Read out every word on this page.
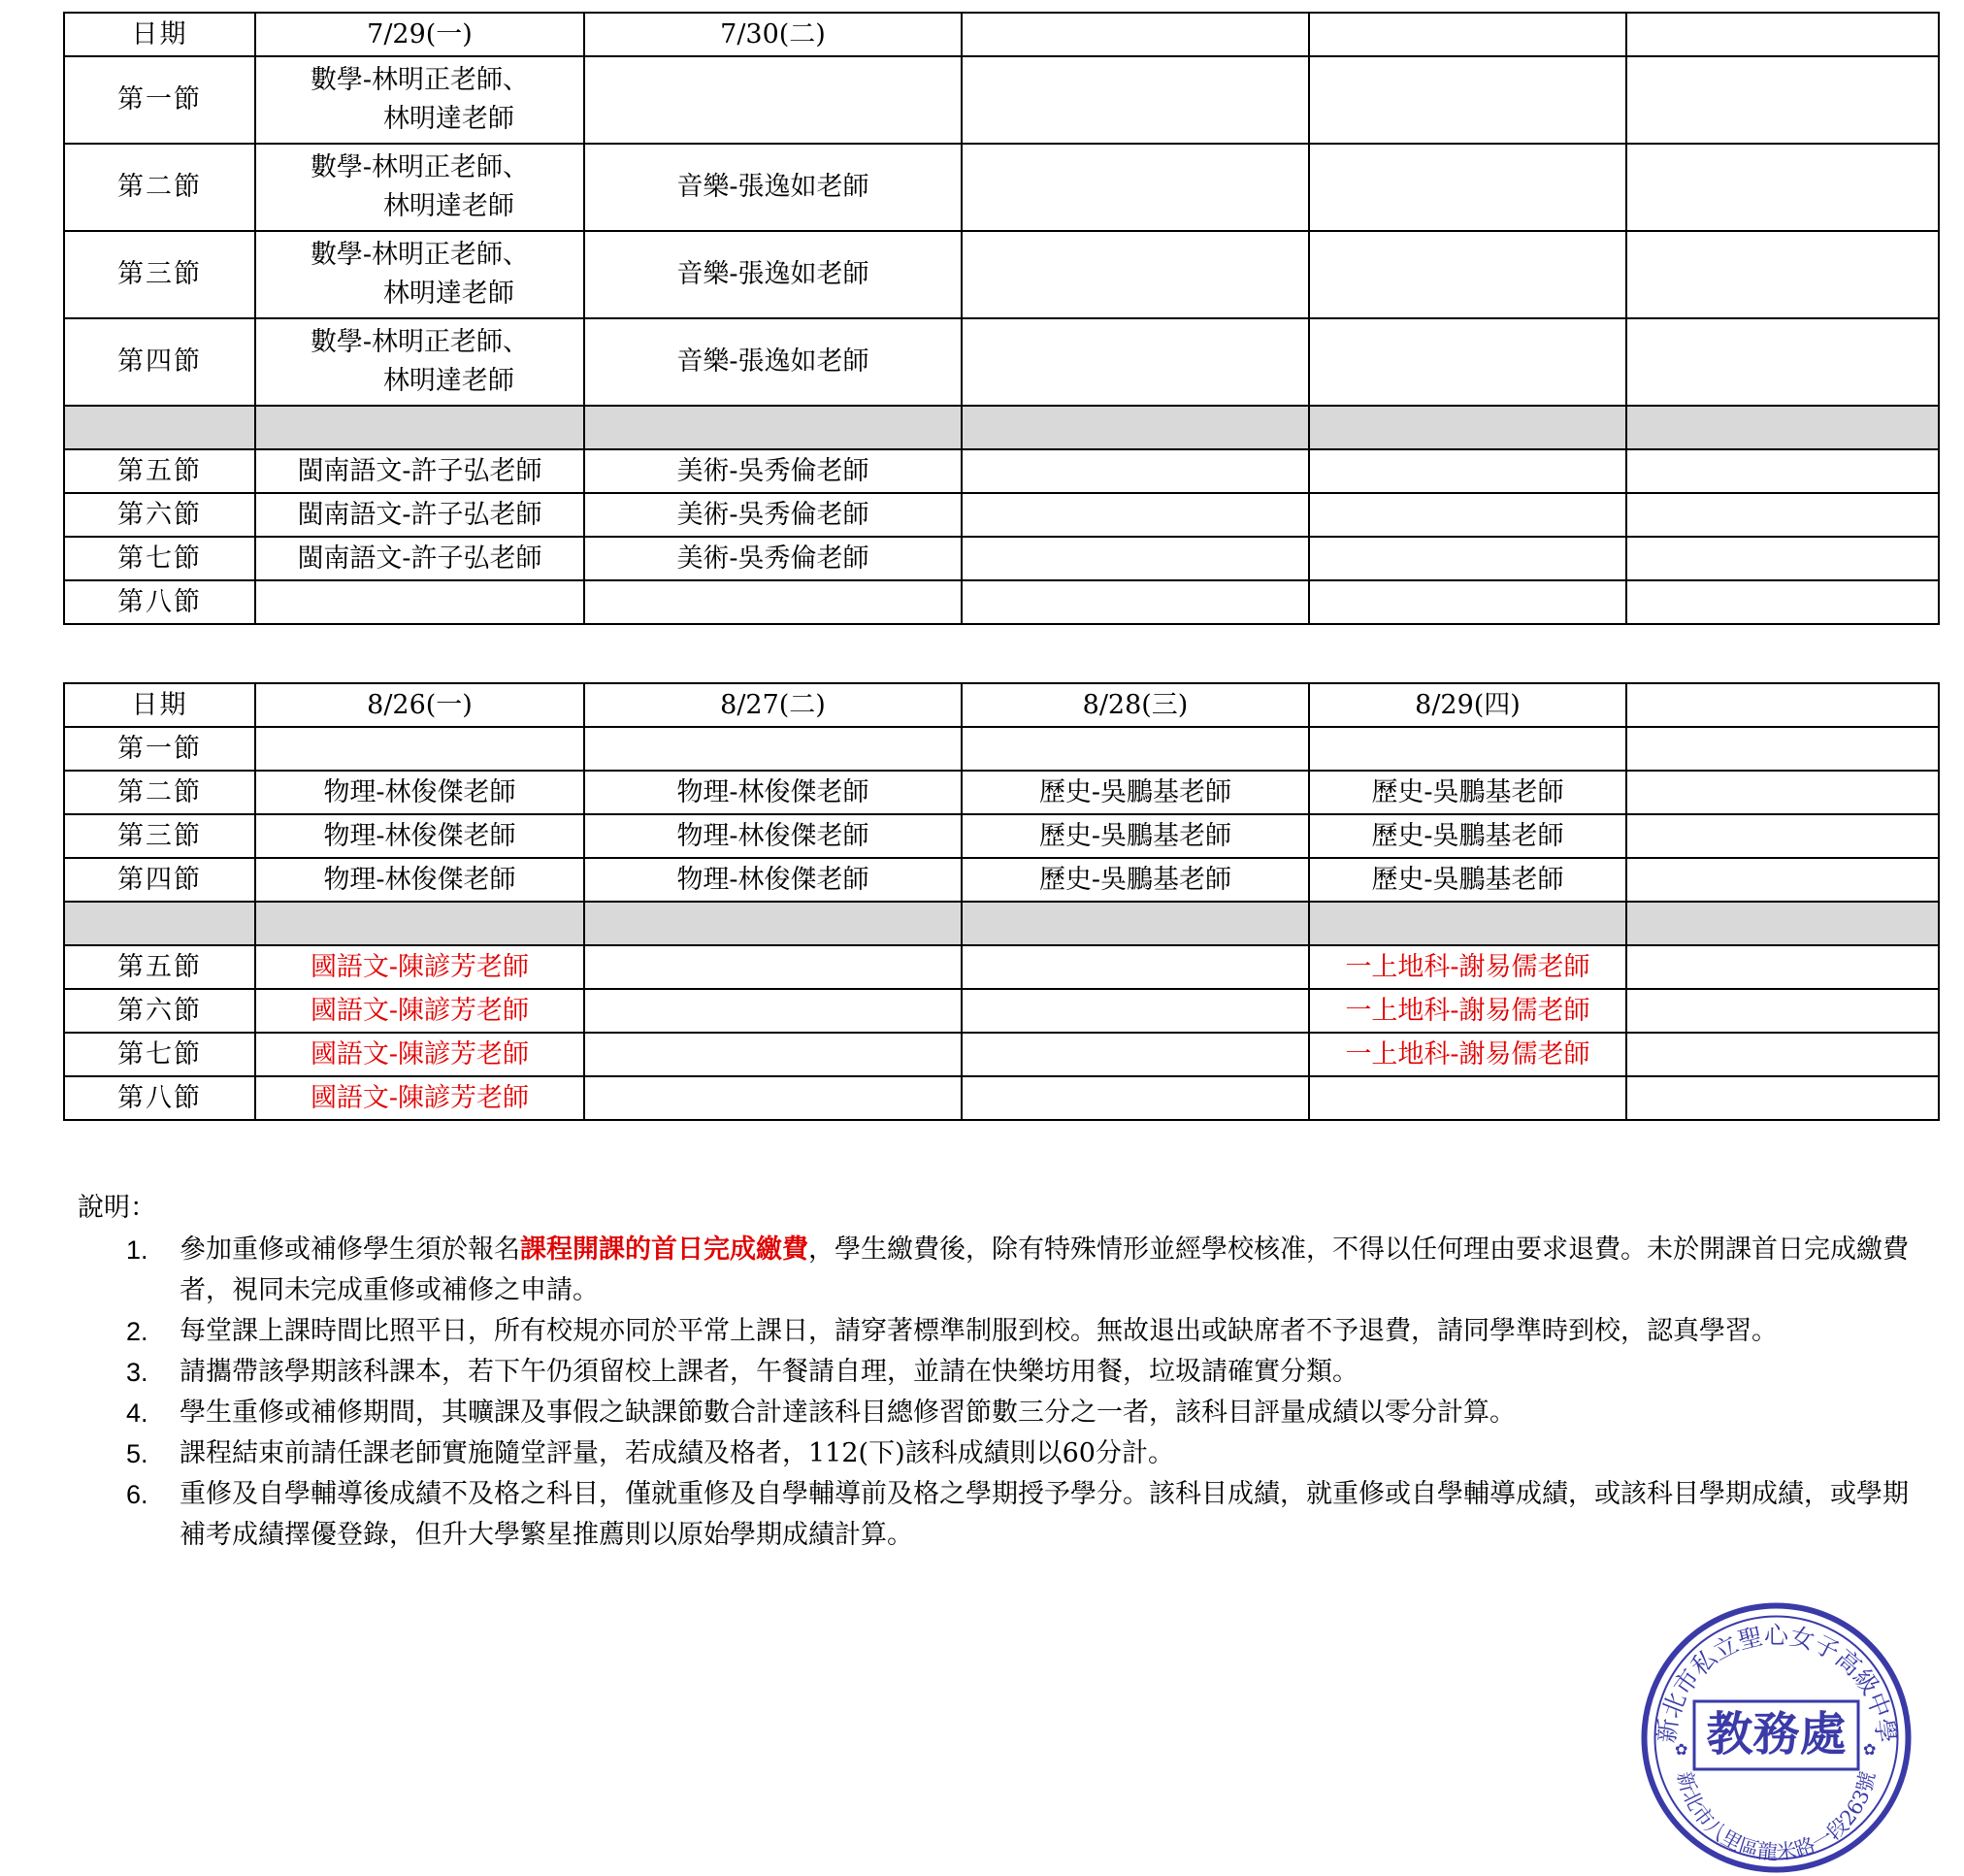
日期	7/29(一)	7/30(二)			
第一節	數學-林明正老師、
林明達老師				

第二節	數學-林明正老師、
林明達老師	音樂-張逸如老師			
第三節	數學-林明正老師、
林明達老師	音樂-張逸如老師			
第四節	數學-林明正老師、
林明達老師	音樂-張逸如老師			

第五節	閩南語文-許子弘老師	美術-吳秀倫老師			
第六節	閩南語文-許子弘老師	美術-吳秀倫老師			
第七節	閩南語文-許子弘老師	美術-吳秀倫老師			
第八節					
日期	8/26(一)	8/27(二)	8/28(三)	8/29(四)	
第一節					
第二節	物理-林俊傑老師	物理-林俊傑老師	歷史-吳鵬基老師	歷史-吳鵬基老師	
第三節	物理-林俊傑老師	物理-林俊傑老師	歷史-吳鵬基老師	歷史-吳鵬基老師	
第四節	物理-林俊傑老師	物理-林俊傑老師	歷史-吳鵬基老師	歷史-吳鵬基老師	

第五節	國語文-陳諺芳老師			一上地科-謝易儒老師	
第六節	國語文-陳諺芳老師			一上地科-謝易儒老師	
第七節	國語文-陳諺芳老師			一上地科-謝易儒老師	
第八節	國語文-陳諺芳老師				
說明：
1. 參加重修或補修學生須於報名課程開課的首日完成繳費，學生繳費後，除有特殊情形並經學校核准，不得以任何理由要求退費。未於開課首日完成繳費者，視同未完成重修或補修之申請。
2. 每堂課上課時間比照平日，所有校規亦同於平常上課日，請穿著標準制服到校。無故退出或缺席者不予退費，請同學準時到校，認真學習。
3. 請攜帶該學期該科課本，若下午仍須留校上課者，午餐請自理，並請在快樂坊用餐，垃圾請確實分類。
4. 學生重修或補修期間，其曠課及事假之缺課節數合計達該科目總修習節數三分之一者，該科目評量成績以零分計算。
5. 課程結束前請任課老師實施隨堂評量，若成績及格者，112(下)該科成績則以60分計。
6. 重修及自學輔導後成績不及格之科目，僅就重修及自學輔導前及格之學期授予學分。該科目成績，就重修或自學輔導成績，或該科目學期成績，或學期補考成績擇優登錄，但升大學繁星推薦則以原始學期成績計算。
教務處
新北市私立聖心女子高級中學
新北市八里區龍米路一段263號
✿	✿
